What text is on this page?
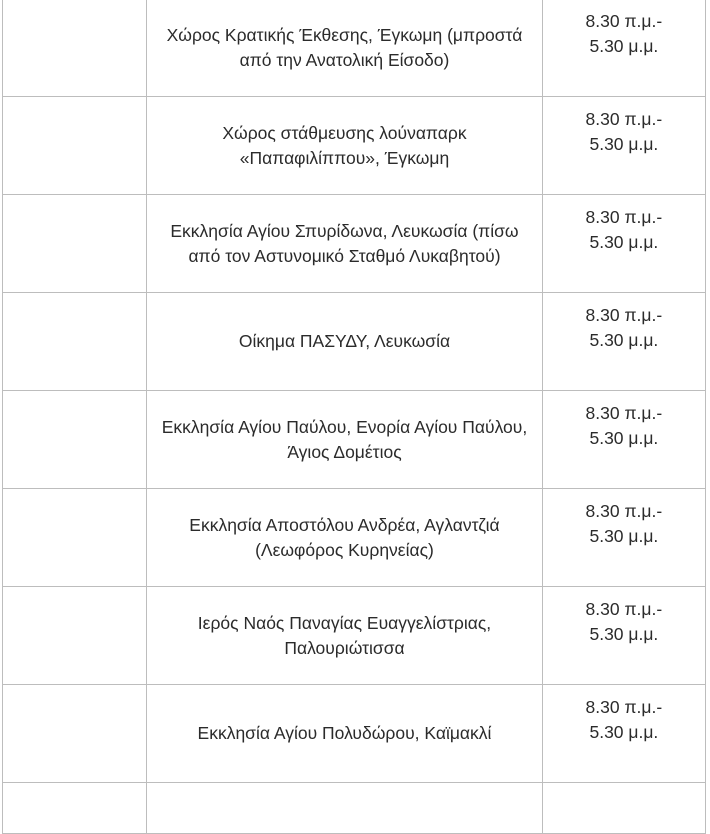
	Χώρος Κρατικής Έκθεσης, Έγκωμη (μπροστά από την Ανατολική Είσοδο)	8.30 π.μ.-5.30 μ.μ.

	Χώρος στάθμευσης λούναπαρκ «Παπαφιλίππου», Έγκωμη	8.30 π.μ.-5.30 μ.μ.

	Εκκλησία Αγίου Σπυρίδωνα, Λευκωσία (πίσω από τον Αστυνομικό Σταθμό Λυκαβητού)	8.30 π.μ.-5.30 μ.μ.

	Οίκημα ΠΑΣΥΔΥ, Λευκωσία	8.30 π.μ.-5.30 μ.μ.

	Εκκλησία Αγίου Παύλου, Ενορία Αγίου Παύλου, Άγιος Δομέτιος	8.30 π.μ.-5.30 μ.μ.

	Εκκλησία Αποστόλου Ανδρέα, Αγλαντζιά (Λεωφόρος Κυρηνείας)	8.30 π.μ.-5.30 μ.μ.

	Ιερός Ναός Παναγίας Ευαγγελίστριας, Παλουριώτισσα	8.30 π.μ.-5.30 μ.μ.

	Εκκλησία Αγίου Πολυδώρου, Καϊμακλί	8.30 π.μ.-5.30 μ.μ.
